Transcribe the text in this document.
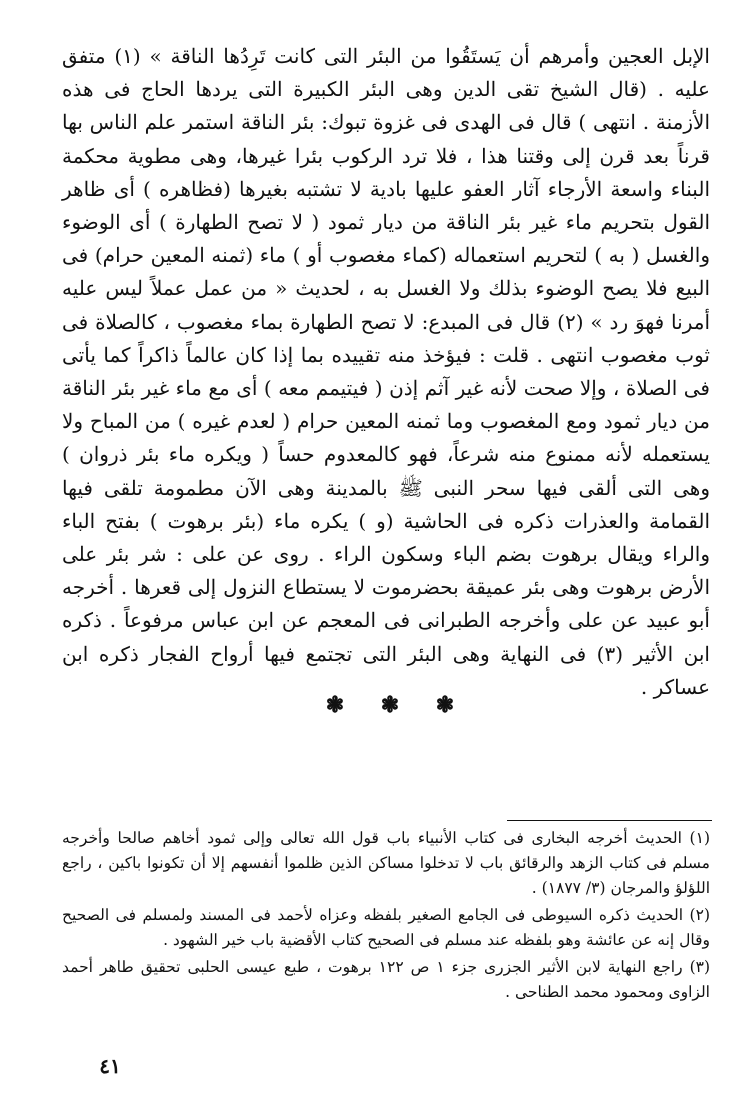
الإبل العجين وأمرهم أن يَستَقُوا من البئر التى كانت تَرِدُها الناقة » (١) متفق عليه . (قال الشيخ تقى الدين وهى البئر الكبيرة التى يردها الحاج فى هذه الأزمنة . انتهى ) قال فى الهدى فى غزوة تبوك: بئر الناقة استمر علم الناس بها قرناً بعد قرن إلى وقتنا هذا ، فلا ترد الركوب بئرا غيرها، وهى مطوية محكمة البناء واسعة الأرجاء آثار العفو عليها بادية لا تشتبه بغيرها (فظاهره ) أى ظاهر القول بتحريم ماء غير بئر الناقة من ديار ثمود ( لا تصح الطهارة ) أى الوضوء والغسل ( به ) لتحريم استعماله (كماء مغصوب أو ) ماء (ثمنه المعين حرام) فى البيع فلا يصح الوضوء بذلك ولا الغسل به ، لحديث « من عمل عملاً ليس عليه أمرنا فهوَ رد » (٢) قال فى المبدع: لا تصح الطهارة بماء مغصوب ، كالصلاة فى ثوب مغصوب انتهى . قلت : فيؤخذ منه تقييده بما إذا كان عالماً ذاكراً كما يأتى فى الصلاة ، وإلا صحت لأنه غير آثم إذن ( فيتيمم معه ) أى مع ماء غير بئر الناقة من ديار ثمود ومع المغصوب وما ثمنه المعين حرام ( لعدم غيره ) من المباح ولا يستعمله لأنه ممنوع منه شرعاً، فهو كالمعدوم حساً ( ويكره ماء بئر ذروان ) وهى التى ألقى فيها سحر النبى ﷺ بالمدينة وهى الآن مطمومة تلقى فيها القمامة والعذرات ذكره فى الحاشية (و ) يكره ماء (بئر برهوت ) بفتح الباء والراء ويقال برهوت بضم الباء وسكون الراء . روى عن على : شر بئر على الأرض برهوت وهى بئر عميقة بحضرموت لا يستطاع النزول إلى قعرها . أخرجه أبو عبيد عن على وأخرجه الطبرانى فى المعجم عن ابن عباس مرفوعاً . ذكره ابن الأثير (٣) فى النهاية وهى البئر التى تجتمع فيها أرواح الفجار ذكره ابن عساكر .

❃
❃
❃

(١) الحديث أخرجه البخارى فى كتاب الأنبياء باب قول الله تعالى وإلى ثمود أخاهم صالحا وأخرجه مسلم فى كتاب الزهد والرقائق باب لا تدخلوا مساكن الذين ظلموا أنفسهم إلا أن تكونوا باكين ، راجع اللؤلؤ والمرجان (٣/ ١٨٧٧) .

(٢) الحديث ذكره السيوطى فى الجامع الصغير بلفظه وعزاه لأحمد فى المسند ولمسلم فى الصحيح وقال إنه عن عائشة وهو بلفظه عند مسلم فى الصحيح كتاب الأقضية باب خير الشهود .

(٣) راجع النهاية لابن الأثير الجزرى جزء ١ ص ١٢٢ برهوت ، طبع عيسى الحلبى تحقيق طاهر أحمد الزاوى ومحمود محمد الطناحى .

٤١
